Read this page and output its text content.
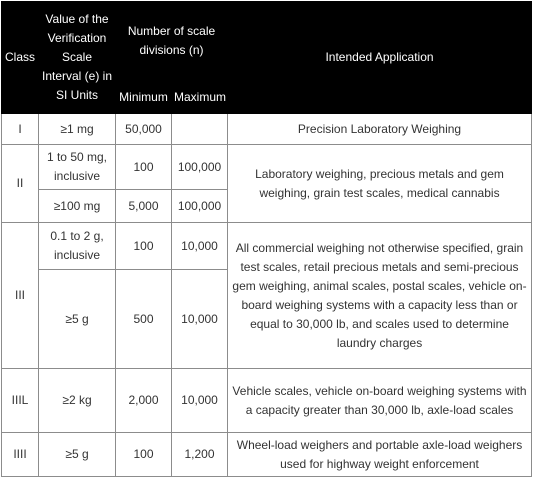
Class	Value of the Verification Scale Interval (e) in SI Units	Number of scale divisions (n)		Intended Application
		Minimum	Maximum	
I	≥1 mg	50,000		Precision Laboratory Weighing
II	1 to 50 mg, inclusive	100	100,000	Laboratory weighing, precious metals and gem weighing, grain test scales, medical cannabis
	≥100 mg	5,000	100,000	
III	0.1 to 2 g, inclusive	100	10,000	All commercial weighing not otherwise specified, grain test scales, retail precious metals and semi-precious gem weighing, animal scales, postal scales, vehicle on-board weighing systems with a capacity less than or equal to 30,000 lb, and scales used to determine laundry charges
	≥5 g	500	10,000	
IIIL	≥2 kg	2,000	10,000	Vehicle scales, vehicle on-board weighing systems with a capacity greater than 30,000 lb, axle-load scales
IIII	≥5 g	100	1,200	Wheel-load weighers and portable axle-load weighers used for highway weight enforcement
